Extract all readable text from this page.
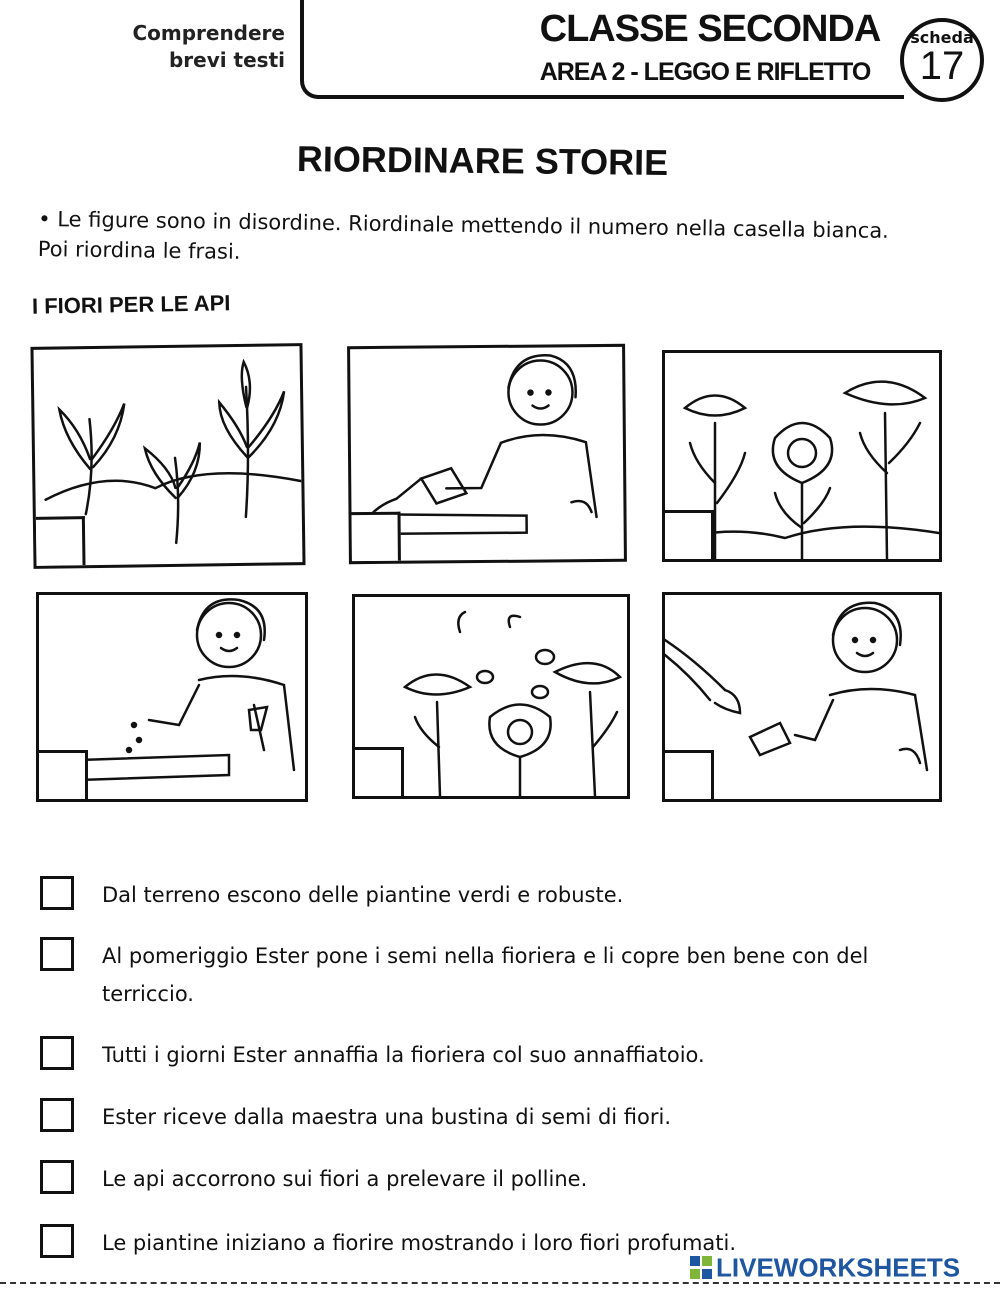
Comprendere
brevi testi
CLASSE SECONDA
AREA 2 - LEGGO E RIFLETTO
scheda
17
RIORDINARE STORIE
• Le figure sono in disordine. Riordinale mettendo il numero nella casella bianca. Poi riordina le frasi.
I FIORI PER LE API
Dal terreno escono delle piantine verdi e robuste.
Al pomeriggio Ester pone i semi nella fioriera e li copre ben bene con del terriccio.
Tutti i giorni Ester annaffia la fioriera col suo annaffiatoio.
Ester riceve dalla maestra una bustina di semi di fiori.
Le api accorrono sui fiori a prelevare il polline.
Le piantine iniziano a fiorire mostrando i loro fiori profumati.
LIVEWORKSHEETS
